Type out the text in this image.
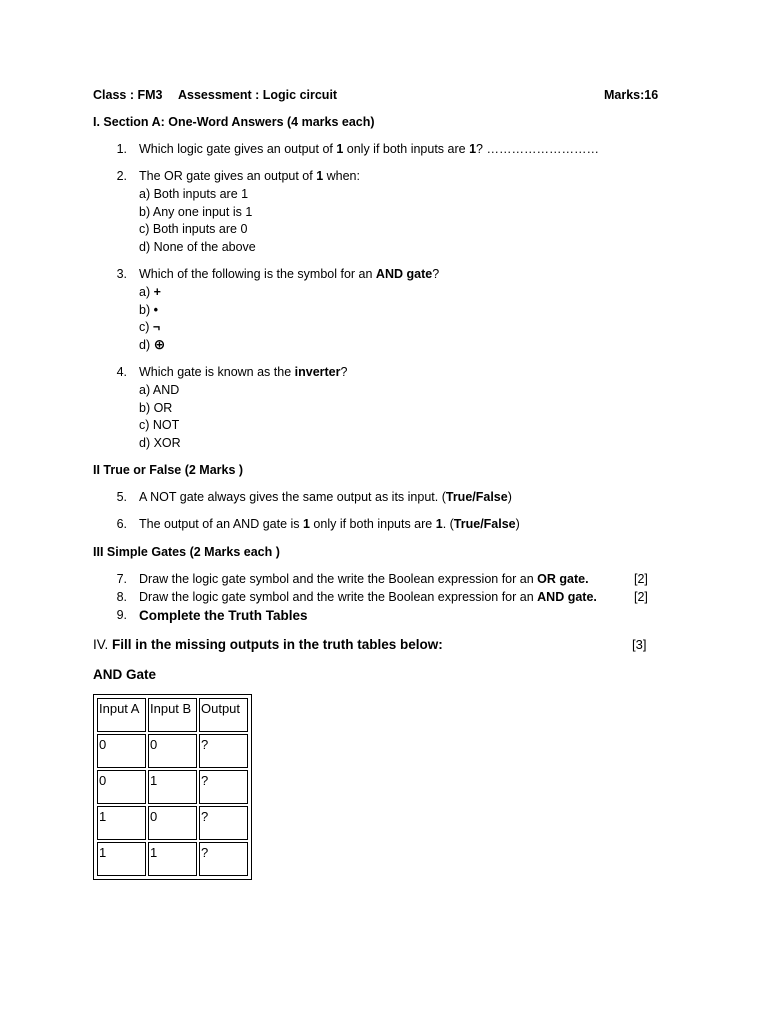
Class : FM3 Assessment : Logic circuit	Marks:16
I. Section A: One-Word Answers (4 marks each)
1. Which logic gate gives an output of 1 only if both inputs are 1? ………………………
2. The OR gate gives an output of 1 when:
a) Both inputs are 1
b) Any one input is 1
c) Both inputs are 0
d) None of the above
3. Which of the following is the symbol for an AND gate?
a) +
b) •
c) ¬
d) ⊕
4. Which gate is known as the inverter?
a) AND
b) OR
c) NOT
d) XOR
II True or False (2 Marks )
5. A NOT gate always gives the same output as its input. (True/False)
6. The output of an AND gate is 1 only if both inputs are 1. (True/False)
III Simple Gates (2 Marks each )
7. Draw the logic gate symbol and the write the Boolean expression for an OR gate.	[2]
8. Draw the logic gate symbol and the write the Boolean expression for an AND gate.	[2]
9. Complete the Truth Tables
IV. Fill in the missing outputs in the truth tables below:	[3]
AND Gate
Input A	Input B	Output
0	0	?
0	1	?
1	0	?
1	1	?
